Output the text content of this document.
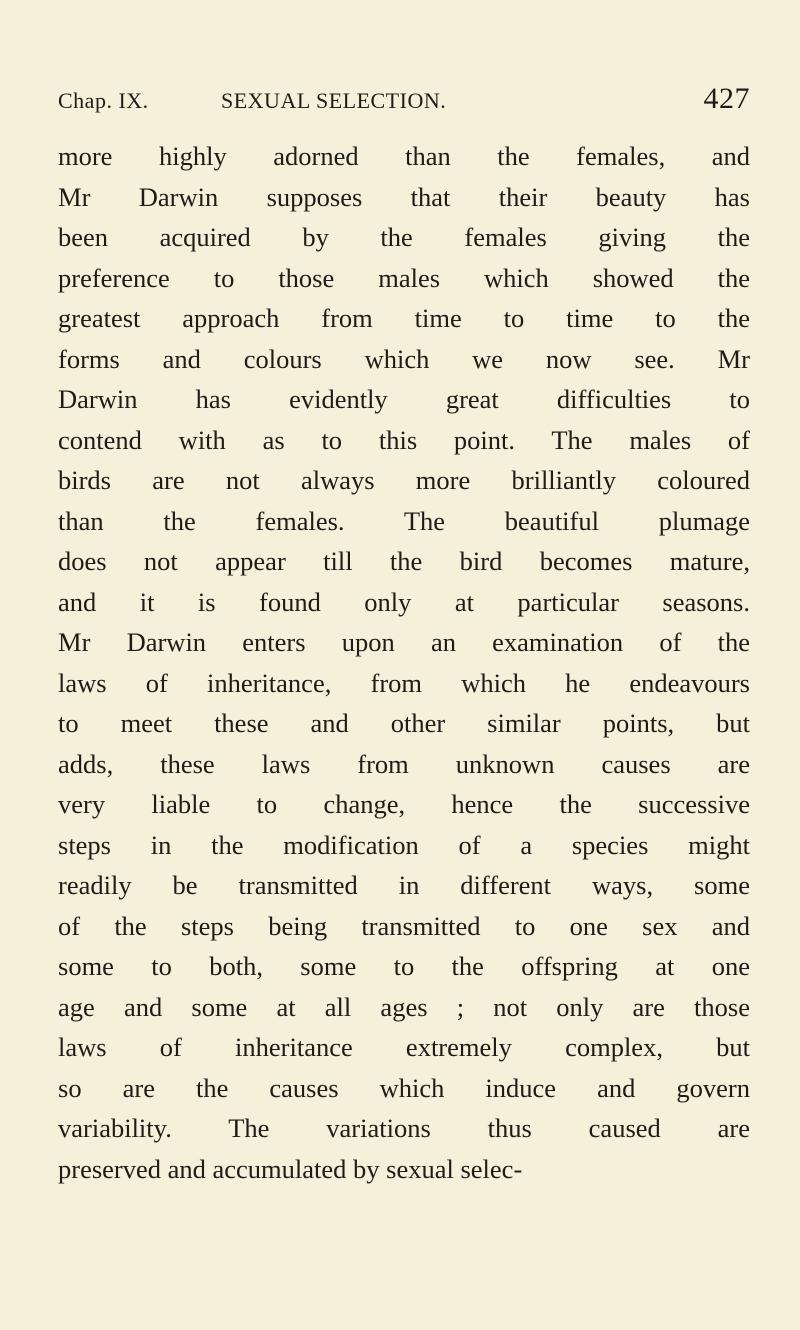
Chap. IX.	SEXUAL SELECTION.	427
more highly adorned than the females, and
Mr Darwin supposes that their beauty has
been acquired by the females giving the
preference to those males which showed the
greatest approach from time to time to the
forms and colours which we now see. Mr
Darwin has evidently great difficulties to
contend with as to this point. The males of
birds are not always more brilliantly coloured
than the females. The beautiful plumage
does not appear till the bird becomes mature,
and it is found only at particular seasons.
Mr Darwin enters upon an examination of the
laws of inheritance, from which he endeavours
to meet these and other similar points, but
adds, these laws from unknown causes are
very liable to change, hence the successive
steps in the modification of a species might
readily be transmitted in different ways, some
of the steps being transmitted to one sex and
some to both, some to the offspring at one
age and some at all ages ; not only are those
laws of inheritance extremely complex, but
so are the causes which induce and govern
variability. The variations thus caused are
preserved and accumulated by sexual selec-
